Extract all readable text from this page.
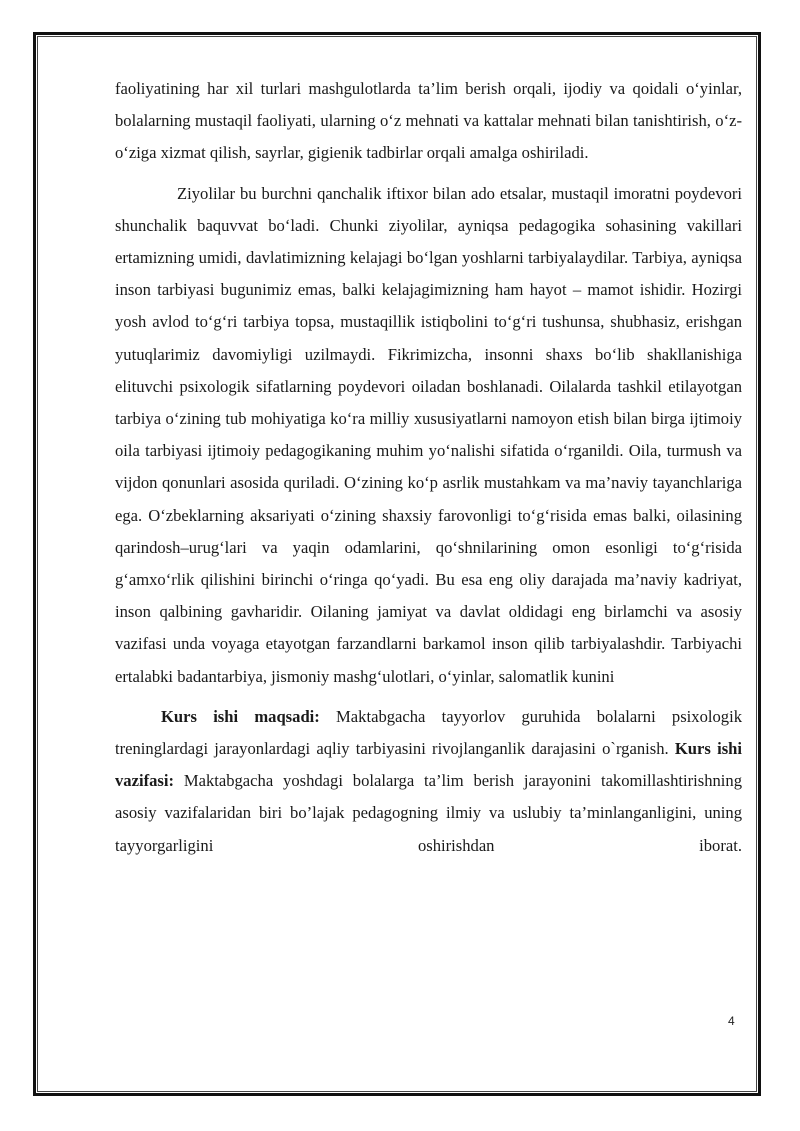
faoliyatining har xil turlari mashgulotlarda ta’lim berish orqali, ijodiy va qoidali o‘yinlar, bolalarning mustaqil faoliyati, ularning o‘z mehnati va kattalar mehnati bilan tanishtirish, o‘z-o‘ziga xizmat qilish, sayrlar, gigienik tadbirlar orqali amalga oshiriladi.

Ziyolilar bu burchni qanchalik iftixor bilan ado etsalar, mustaqil imoratni poydevori shunchalik baquvvat bo‘ladi. Chunki ziyolilar, ayniqsa pedagogika sohasining vakillari ertamizning umidi, davlatimizning kelajagi bo‘lgan yoshlarni tarbiyalaydilar. Tarbiya, ayniqsa inson tarbiyasi bugunimiz emas, balki kelajagimizning ham hayot – mamot ishidir. Hozirgi yosh avlod to‘g‘ri tarbiya topsa, mustaqillik istiqbolini to‘g‘ri tushunsa, shubhasiz, erishgan yutuqlarimiz davomiyligi uzilmaydi. Fikrimizcha, insonni shaxs bo‘lib shakllanishiga elituvchi psixologik sifatlarning poydevori oiladan boshlanadi. Oilalarda tashkil etilayotgan tarbiya o‘zining tub mohiyatiga ko‘ra milliy xususiyatlarni namoyon etish bilan birga ijtimoiy oila tarbiyasi ijtimoiy pedagogikaning muhim yo‘nalishi sifatida o‘rganildi. Oila, turmush va vijdon qonunlari asosida quriladi. O‘zining ko‘p asrlik mustahkam va ma’naviy tayanchlariga ega. O‘zbeklarning aksariyati o‘zining shaxsiy farovonligi to‘g‘risida emas balki, oilasining qarindosh–urug‘lari va yaqin odamlarini, qo‘shnilarining omon esonligi to‘g‘risida g‘amxo‘rlik qilishini birinchi o‘ringa qo‘yadi. Bu esa eng oliy darajada ma’naviy kadriyat, inson qalbining gavharidir. Oilaning jamiyat va davlat oldidagi eng birlamchi va asosiy vazifasi unda voyaga etayotgan farzandlarni barkamol inson qilib tarbiyalashdir. Tarbiyachi ertalabki badantarbiya, jismoniy mashg‘ulotlari, o‘yinlar, salomatlik kunini

Kurs ishi maqsadi: Maktabgacha tayyorlov guruhida bolalarni psixologik treninglardagi jarayonlardagi aqliy tarbiyasini rivojlanganlik darajasini o`rganish. Kurs ishi vazifasi: Maktabgacha yoshdagi bolalarga ta’lim berish jarayonini takomillashtirishning asosiy vazifalaridan biri bo’lajak pedagogning ilmiy va uslubiy ta’minlanganligini, uning tayyorgarligini oshirishdan iborat.

4
